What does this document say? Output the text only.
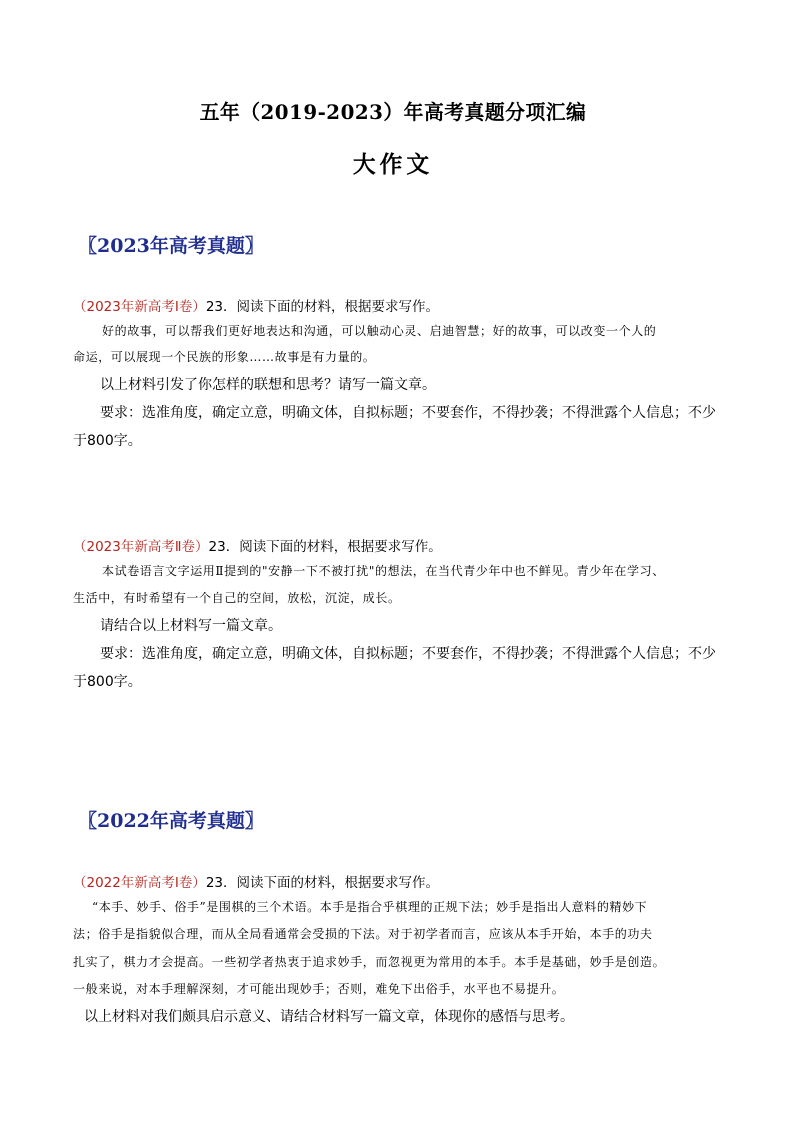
五年（2019-2023）年高考真题分项汇编
大作文
〖2023年高考真题〗
（2023年新高考Ⅰ卷）23．阅读下面的材料，根据要求写作。
好的故事，可以帮我们更好地表达和沟通，可以触动心灵、启迪智慧；好的故事，可以改变一个人的
命运，可以展现一个民族的形象……故事是有力量的。
以上材料引发了你怎样的联想和思考？请写一篇文章。
要求：选准角度，确定立意，明确文体，自拟标题；不要套作，不得抄袭；不得泄露个人信息；不少
于800字。
（2023年新高考Ⅱ卷）23．阅读下面的材料，根据要求写作。
本试卷语言文字运用Ⅱ提到的"安静一下不被打扰"的想法，在当代青少年中也不鲜见。青少年在学习、
生活中，有时希望有一个自己的空间，放松，沉淀，成长。
请结合以上材料写一篇文章。
要求：选准角度，确定立意，明确文体，自拟标题；不要套作，不得抄袭；不得泄露个人信息；不少
于800字。
〖2022年高考真题〗
（2022年新高考Ⅰ卷）23．阅读下面的材料，根据要求写作。
“本手、妙手、俗手”是围棋的三个术语。本手是指合乎棋理的正规下法；妙手是指出人意料的精妙下
法；俗手是指貌似合理，而从全局看通常会受损的下法。对于初学者而言，应该从本手开始，本手的功夫
扎实了，棋力才会提高。一些初学者热衷于追求妙手，而忽视更为常用的本手。本手是基础，妙手是创造。
一般来说，对本手理解深刻，才可能出现妙手；否则，难免下出俗手，水平也不易提升。
以上材料对我们颇具启示意义、请结合材料写一篇文章，体现你的感悟与思考。
